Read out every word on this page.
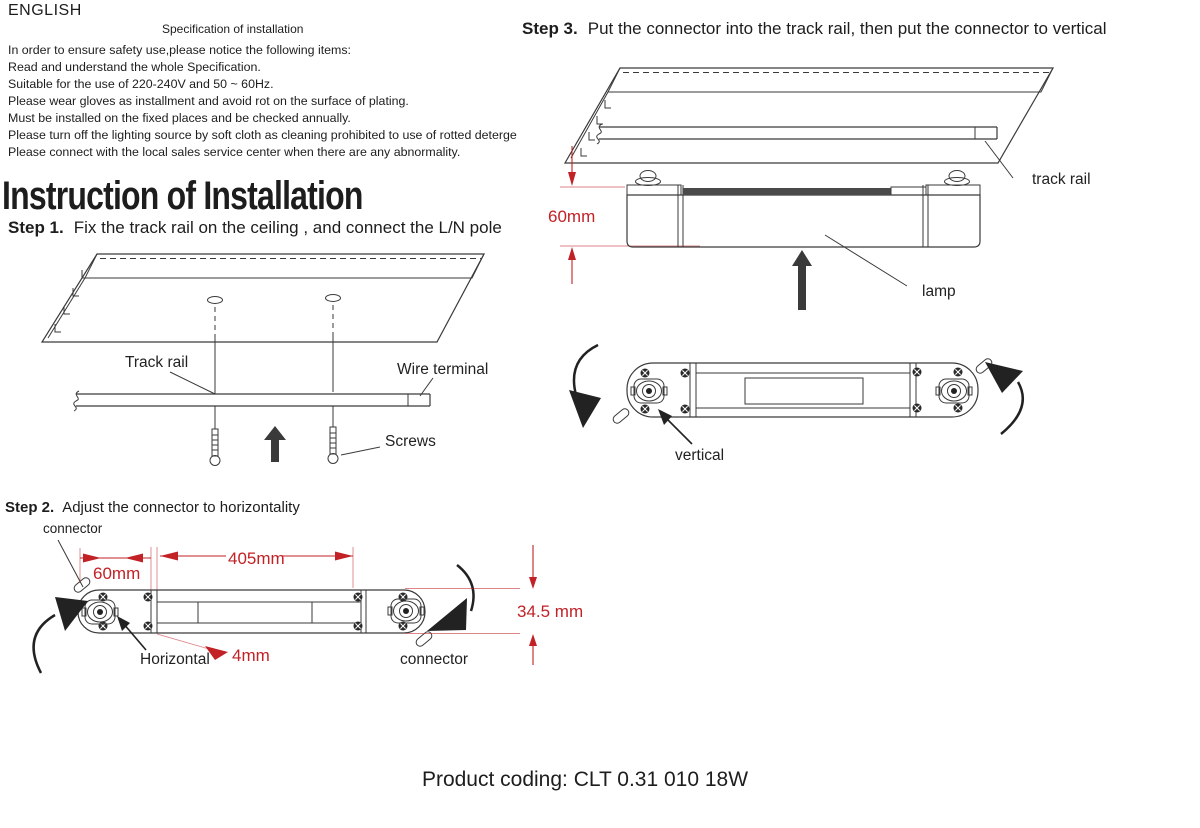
ENGLISH
Specification of installation
In order to ensure safety use,please notice the following items:
Read and understand the whole Specification.
Suitable for the use of 220-240V and 50 ~ 60Hz.
Please wear gloves as installment and avoid rot on the surface of plating.
Must be installed on the fixed places and be checked annually.
Please turn off the lighting source by soft cloth as cleaning prohibited to use of rotted deterge
Please connect with the local sales service center when there are any abnormality.
Instruction of Installation
Step 1. Fix the track rail on the ceiling , and connect the L/N pole
Track rail	Wire terminal
Screws
Step 2. Adjust the connector to horizontality
connector
60mm
405mm
4mm
34.5 mm
Horizontal	connector
Step 3. Put the connector into the track rail, then put the connector to vertical
track rail
60mm
lamp
vertical
Product coding: CLT 0.31 010 18W
